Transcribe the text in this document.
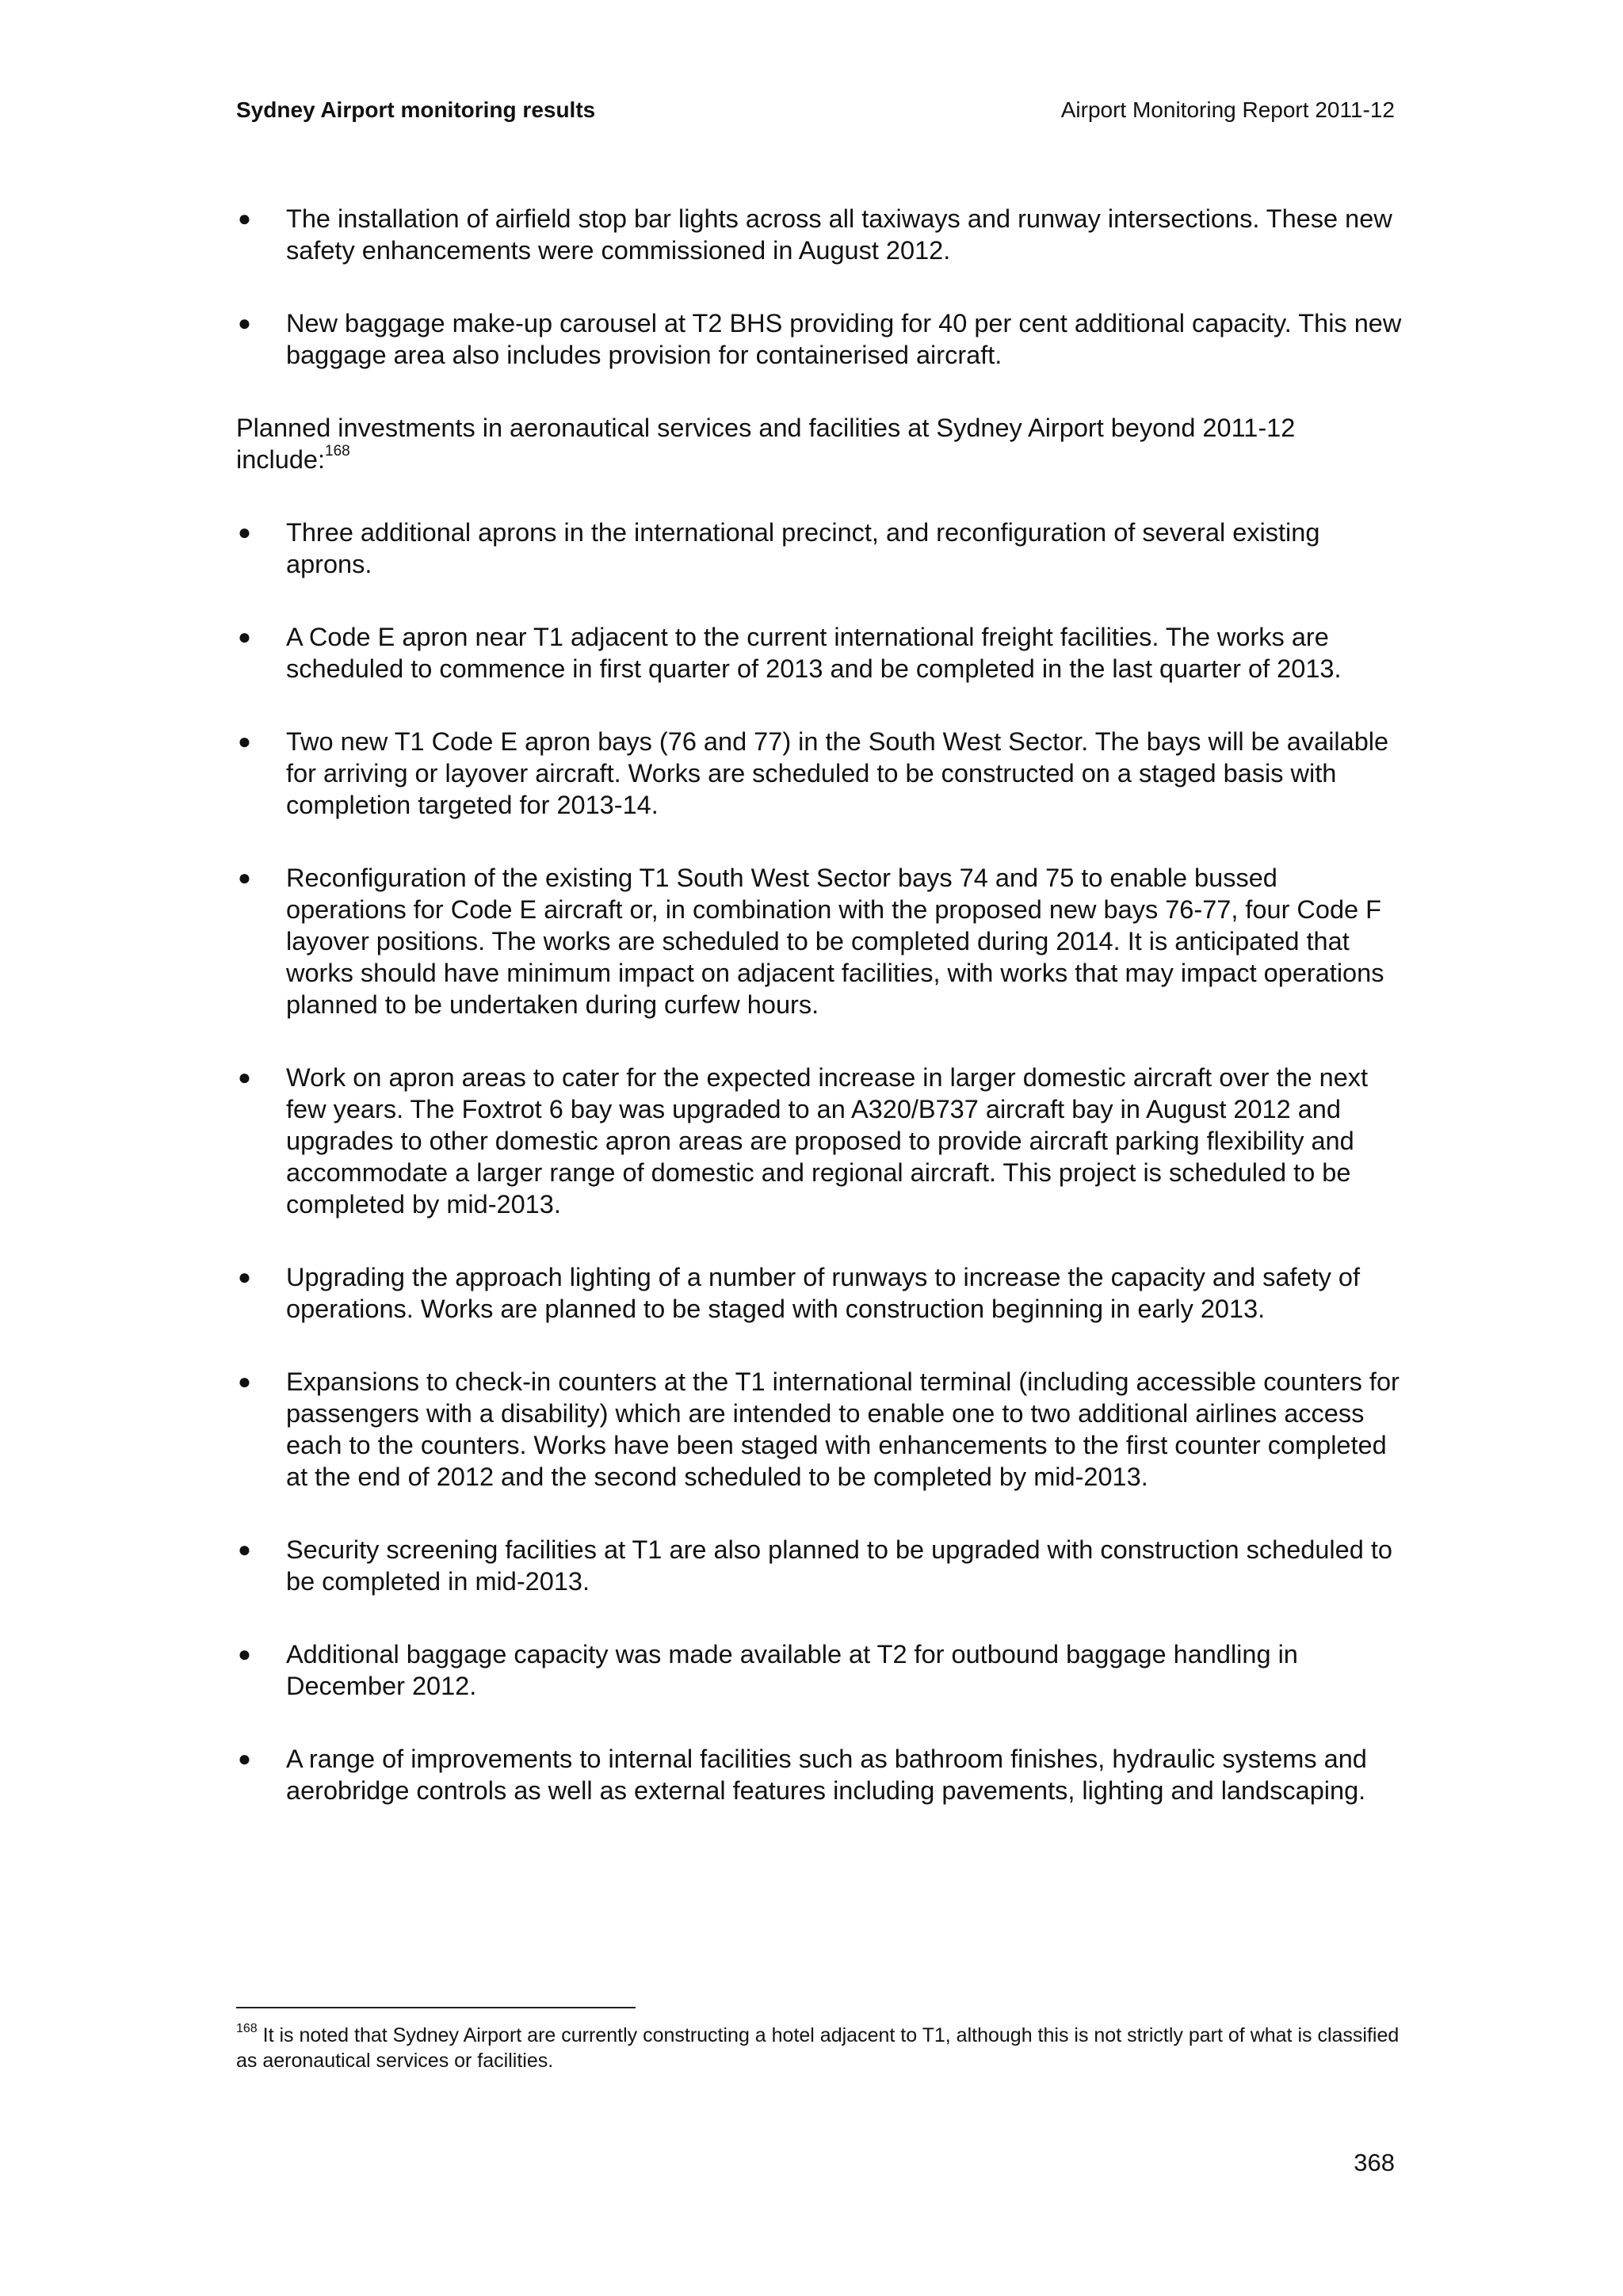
Sydney Airport monitoring results	Airport Monitoring Report 2011-12
● The installation of airfield stop bar lights across all taxiways and runway intersections. These new safety enhancements were commissioned in August 2012.
● New baggage make-up carousel at T2 BHS providing for 40 per cent additional capacity. This new baggage area also includes provision for containerised aircraft.

Planned investments in aeronautical services and facilities at Sydney Airport beyond 2011-12 include:$^{168}$

● Three additional aprons in the international precinct, and reconfiguration of several existing aprons.
● A Code E apron near T1 adjacent to the current international freight facilities. The works are scheduled to commence in first quarter of 2013 and be completed in the last quarter of 2013.
● Two new T1 Code E apron bays (76 and 77) in the South West Sector. The bays will be available for arriving or layover aircraft. Works are scheduled to be constructed on a staged basis with completion targeted for 2013-14.
● Reconfiguration of the existing T1 South West Sector bays 74 and 75 to enable bussed operations for Code E aircraft or, in combination with the proposed new bays 76-77, four Code F layover positions. The works are scheduled to be completed during 2014. It is anticipated that works should have minimum impact on adjacent facilities, with works that may impact operations planned to be undertaken during curfew hours.
● Work on apron areas to cater for the expected increase in larger domestic aircraft over the next few years. The Foxtrot 6 bay was upgraded to an A320/B737 aircraft bay in August 2012 and upgrades to other domestic apron areas are proposed to provide aircraft parking flexibility and accommodate a larger range of domestic and regional aircraft. This project is scheduled to be completed by mid-2013.
● Upgrading the approach lighting of a number of runways to increase the capacity and safety of operations. Works are planned to be staged with construction beginning in early 2013.
● Expansions to check-in counters at the T1 international terminal (including accessible counters for passengers with a disability) which are intended to enable one to two additional airlines access each to the counters. Works have been staged with enhancements to the first counter completed at the end of 2012 and the second scheduled to be completed by mid-2013.
● Security screening facilities at T1 are also planned to be upgraded with construction scheduled to be completed in mid-2013.
● Additional baggage capacity was made available at T2 for outbound baggage handling in December 2012.
● A range of improvements to internal facilities such as bathroom finishes, hydraulic systems and aerobridge controls as well as external features including pavements, lighting and landscaping.
$^{168}$ It is noted that Sydney Airport are currently constructing a hotel adjacent to T1, although this is not strictly part of what is classified as aeronautical services or facilities.
368
